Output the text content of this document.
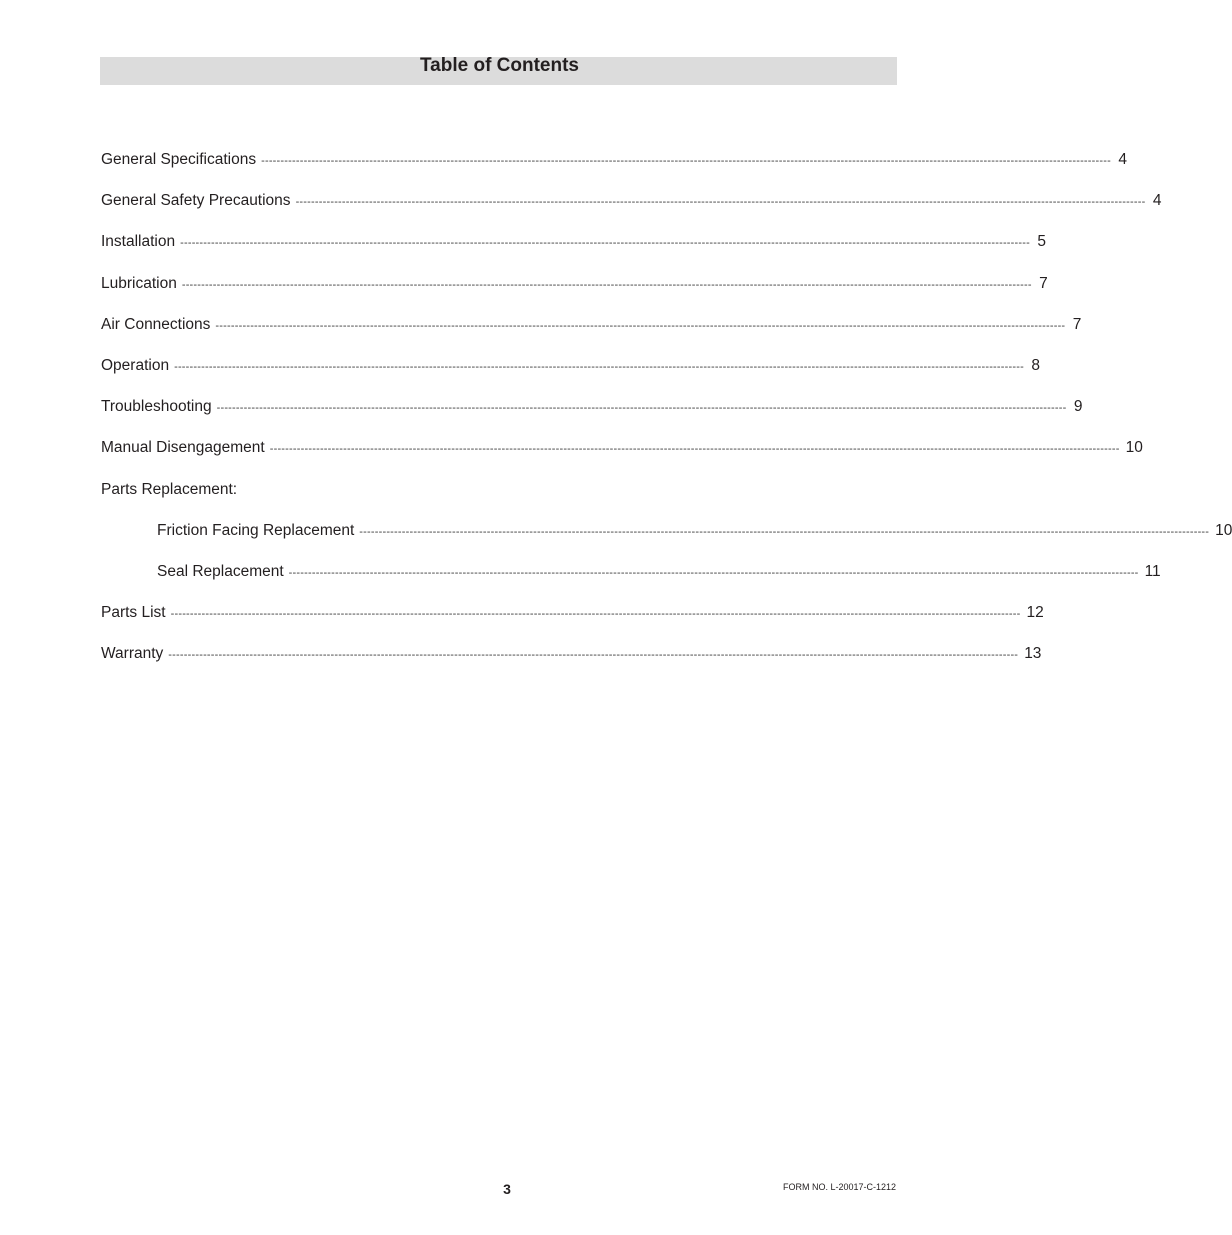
Table of Contents
General Specifications ---------------------------------------------------------------------------------------------------------------------------------------------------------------------------------------------------------------------------- 4
General Safety Precautions ---------------------------------------------------------------------------------------------------------------------------------------------------------------------------------------------------------------------------- 4
Installation ---------------------------------------------------------------------------------------------------------------------------------------------------------------------------------------------------------------------------- 5
Lubrication ---------------------------------------------------------------------------------------------------------------------------------------------------------------------------------------------------------------------------- 7
Air Connections ---------------------------------------------------------------------------------------------------------------------------------------------------------------------------------------------------------------------------- 7
Operation ---------------------------------------------------------------------------------------------------------------------------------------------------------------------------------------------------------------------------- 8
Troubleshooting ---------------------------------------------------------------------------------------------------------------------------------------------------------------------------------------------------------------------------- 9
Manual Disengagement ---------------------------------------------------------------------------------------------------------------------------------------------------------------------------------------------------------------------------- 10
Parts Replacement:
Friction Facing Replacement ---------------------------------------------------------------------------------------------------------------------------------------------------------------------------------------------------------------------------- 10
Seal Replacement ---------------------------------------------------------------------------------------------------------------------------------------------------------------------------------------------------------------------------- 11
Parts List ---------------------------------------------------------------------------------------------------------------------------------------------------------------------------------------------------------------------------- 12
Warranty ---------------------------------------------------------------------------------------------------------------------------------------------------------------------------------------------------------------------------- 13
3	FORM NO. L-20017-C-1212
